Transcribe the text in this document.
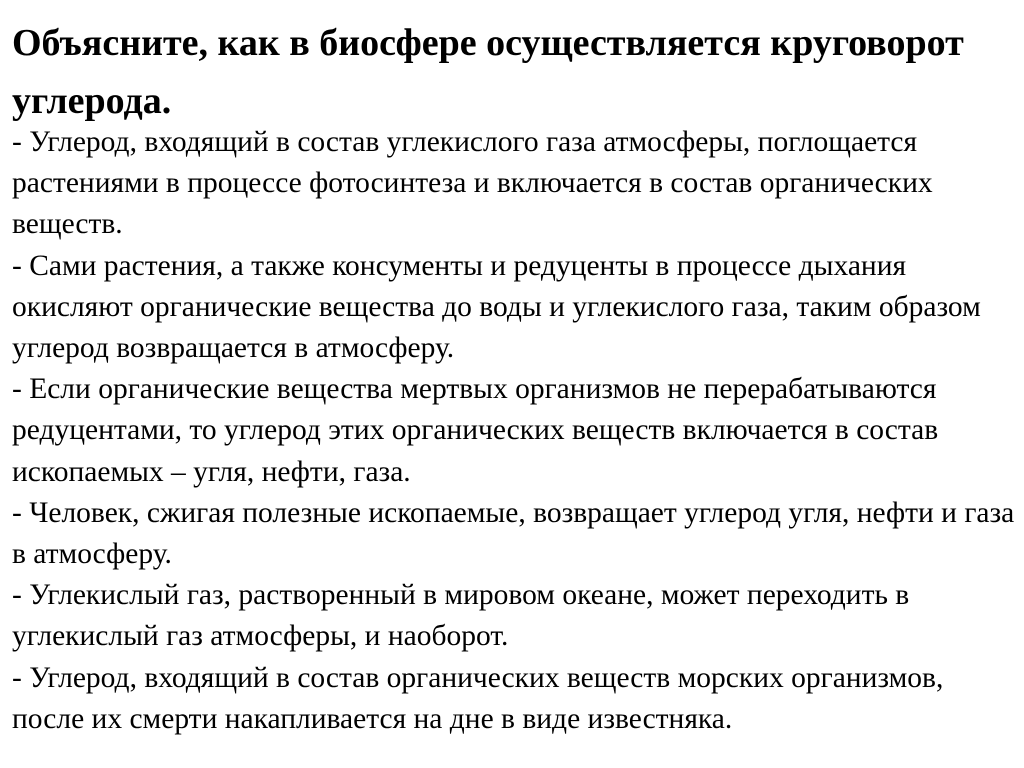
Объясните, как в биосфере осуществляется круговорот углерода.

- Углерод, входящий в состав углекислого газа атмосферы, поглощается растениями в процессе фотосинтеза и включается в состав органических веществ.

- Сами растения, а также консументы и редуценты в процессе дыхания окисляют органические вещества до воды и углекислого газа, таким образом углерод возвращается в атмосферу.

- Если органические вещества мертвых организмов не перерабатываются редуцентами, то углерод этих органических веществ включается в состав ископаемых – угля, нефти, газа.

- Человек, сжигая полезные ископаемые, возвращает углерод угля, нефти и газа в атмосферу.

- Углекислый газ, растворенный в мировом океане, может переходить в углекислый газ атмосферы, и наоборот.

- Углерод, входящий в состав органических веществ морских организмов, после их смерти накапливается на дне в виде известняка.
